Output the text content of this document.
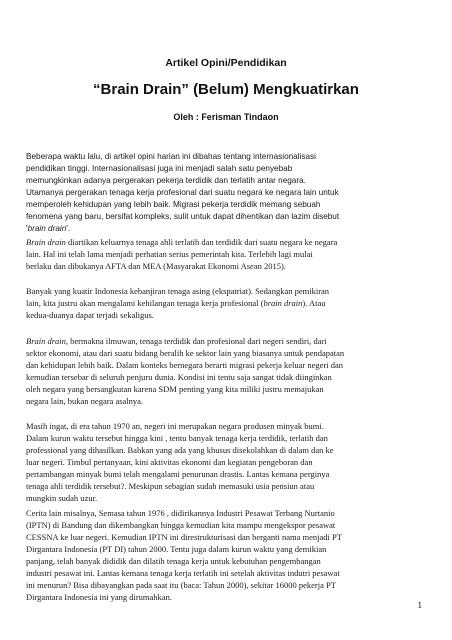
Artikel Opini/Pendidikan
“Brain Drain” (Belum) Mengkuatirkan
Oleh : Ferisman Tindaon
Beberapa waktu lalu, di artikel opini harian ini dibahas tentang internasionalisasi
pendidikan tinggi. Internasionalisasi juga ini menjadi salah satu penyebab
memungkinkan adanya pergerakan pekerja terdidik dan terlatih antar negara.
Utamanya pergerakan tenaga kerja profesional dari suatu negara ke negara lain untuk
memperoleh kehidupan yang lebih baik. Migrasi pekerja terdidik memang sebuah
fenomena yang baru, bersifat kompleks, sulit untuk dapat dihentikan dan lazim disebut
'brain drain'.
Brain drain diartikan keluarnya tenaga ahli terlatih dan terdidik dari suatu negara ke negara
lain. Hal ini telah lama menjadi perhatian serius pemerintah kita. Terlebih lagi mulai
berlaku dan dibukanya AFTA dan MEA (Masyarakat Ekonomi Asean 2015).
Banyak yang kuatir Indonesia kebanjiran tenaga asing (ekspatriat). Sedangkan pemikiran
lain, kita justru akan mengalami kehilangan tenaga kerja profesional (brain drain). Atau
kedua-duanya dapat terjadi sekaligus.
Brain drain, bermakna ilmuwan, tenaga terdidik dan profesional dari negeri sendiri, dari
sektor ekonomi, atau dari suatu bidang beralih ke sektor lain yang biasanya untuk pendapatan
dan kehidupan lebih baik. Dalam konteks bernegara berarti migrasi pekerja keluar negeri dan
kemudian tersebar di seluruh penjuru dunia. Kondisi ini tentu saja sangat tidak diinginkan
oleh negara yang bersangkutan karena SDM penting yang kita miliki justru memajukan
negara lain, bukan negara asalnya.
Masih ingat, di era tahun 1970 an, negeri ini merupakan negara produsen minyak bumi.
Dalam kurun waktu tersebut hingga kini , tentu banyak tenaga kerja terdidik, terlatih dan
professional yang dihasilkan. Bahkan yang ada yang khusus disekolahkan di dalam dan ke
luar negeri. Timbul pertanyaan, kini aktivitas ekonomi dan kegiatan pengeboran dan
pertambangan minyak bumi telah mengalami penurunan drastis. Lantas kemana perginya
tenaga ahli terdidik tersebut?. Meskipun sebagian sudah memasuki usia pensiun atau
mungkin sudah uzur.
Cerita lain misalnya, Semasa tahun 1976 , didirikannya Industri Pesawat Terbang Nurtanio
(IPTN) di Bandung dan dikembangkan hingga kemudian kita mampu mengekspor pesawat
CESSNA ke luar negeri. Kemudian IPTN ini direstrukturisasi dan berganti nama menjadi PT
Dirgantara Indonesia (PT DI) tahun 2000. Tentu juga dalam kurun waktu yang demikian
panjang, telah banyak dididik dan dilatih tenaga kerja untuk kebutuhan pengembangan
industri pesawat ini. Lantas kemana tenaga kerja terlatih ini setelah aktivitas indutri pesawat
ini menurun? Bisa dibayangkan pada saat itu (baca: Tahun 2000), sekitar 16000 pekerja PT
Dirgantara Indonesia ini yang dirumahkan.
1
